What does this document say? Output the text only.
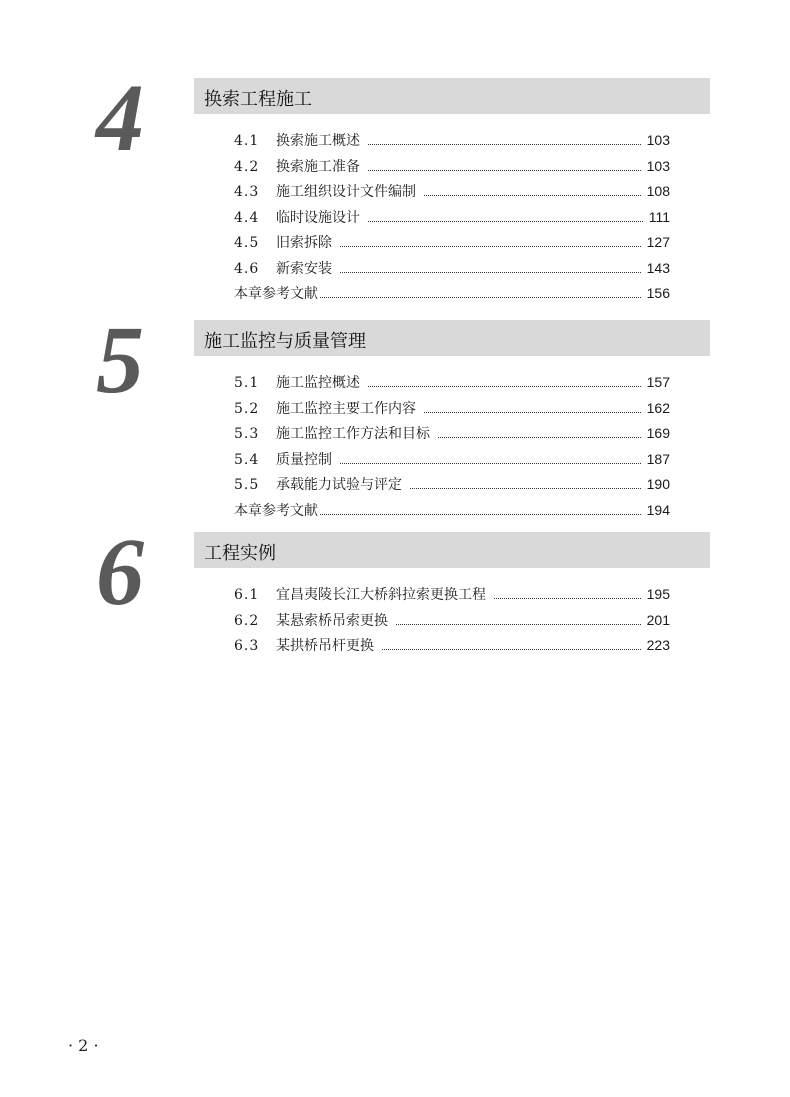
4	换索工程施工
4.1	换索施工概述	103
4.2	换索施工准备	103
4.3	施工组织设计文件编制	108
4.4	临时设施设计	111
4.5	旧索拆除	127
4.6	新索安装	143
本章参考文献	156
5	施工监控与质量管理
5.1	施工监控概述	157
5.2	施工监控主要工作内容	162
5.3	施工监控工作方法和目标	169
5.4	质量控制	187
5.5	承载能力试验与评定	190
本章参考文献	194
6	工程实例
6.1	宜昌夷陵长江大桥斜拉索更换工程	195
6.2	某悬索桥吊索更换	201
6.3	某拱桥吊杆更换	223
· 2 ·
